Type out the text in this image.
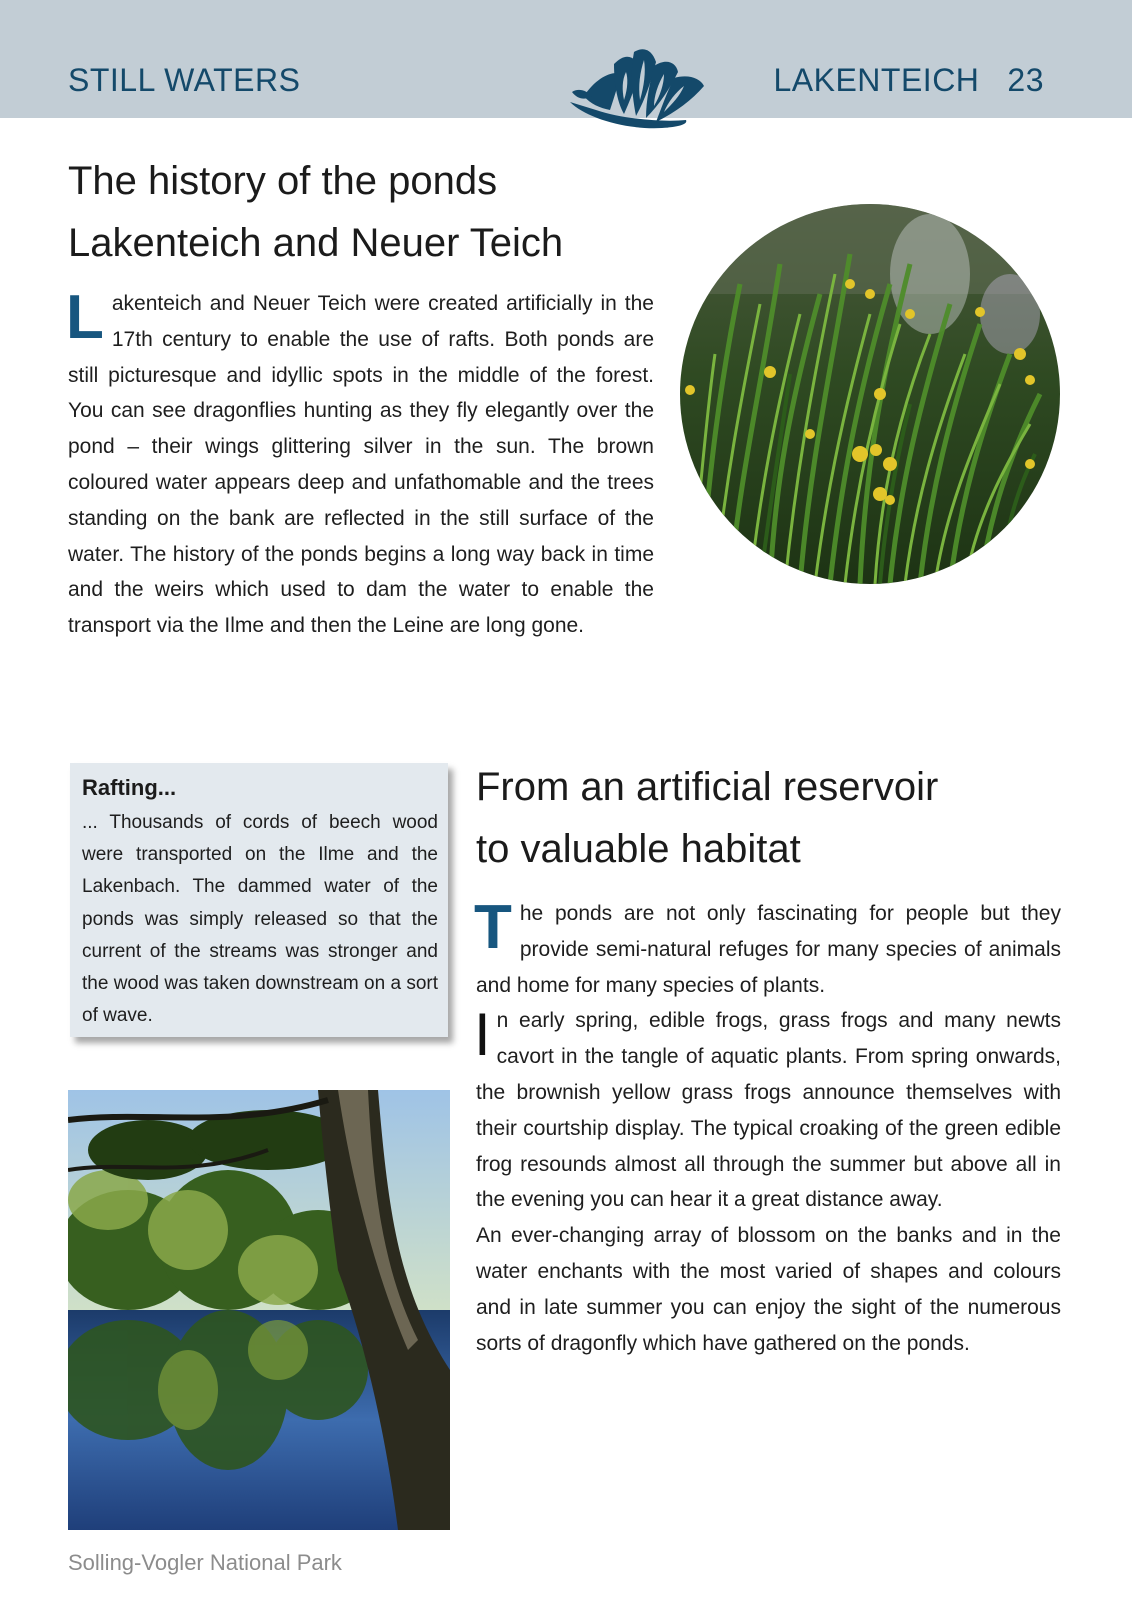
STILL WATERS	LAKENTEICH 23
The history of the ponds
Lakenteich and Neuer Teich

Lakenteich and Neuer Teich were created artificially in the 17th century to enable the use of rafts. Both ponds are still picturesque and idyllic spots in the middle of the forest. You can see dragonflies hunting as they fly elegantly over the pond – their wings glittering silver in the sun. The brown coloured water appears deep and unfathomable and the trees standing on the bank are reflected in the still surface of the water. The history of the ponds begins a long way back in time and the weirs which used to dam the water to enable the transport via the Ilme and then the Leine are long gone.

Rafting...

... Thousands of cords of beech wood were transported on the Ilme and the Lakenbach. The dammed water of the ponds was simply released so that the current of the streams was stronger and the wood was taken downstream on a sort of wave.

From an artificial reservoir
to valuable habitat

The ponds are not only fascinating for people but they provide semi-natural refuges for many species of animals and home for many species of plants.

In early spring, edible frogs, grass frogs and many newts cavort in the tangle of aquatic plants. From spring onwards, the brownish yellow grass frogs announce themselves with their courtship display. The typical croaking of the green edible frog resounds almost all through the summer but above all in the evening you can hear it a great distance away.

An ever-changing array of blossom on the banks and in the water enchants with the most varied of shapes and colours and in late summer you can enjoy the sight of the numerous sorts of dragonfly which have gathered on the ponds.

Solling-Vogler National Park
